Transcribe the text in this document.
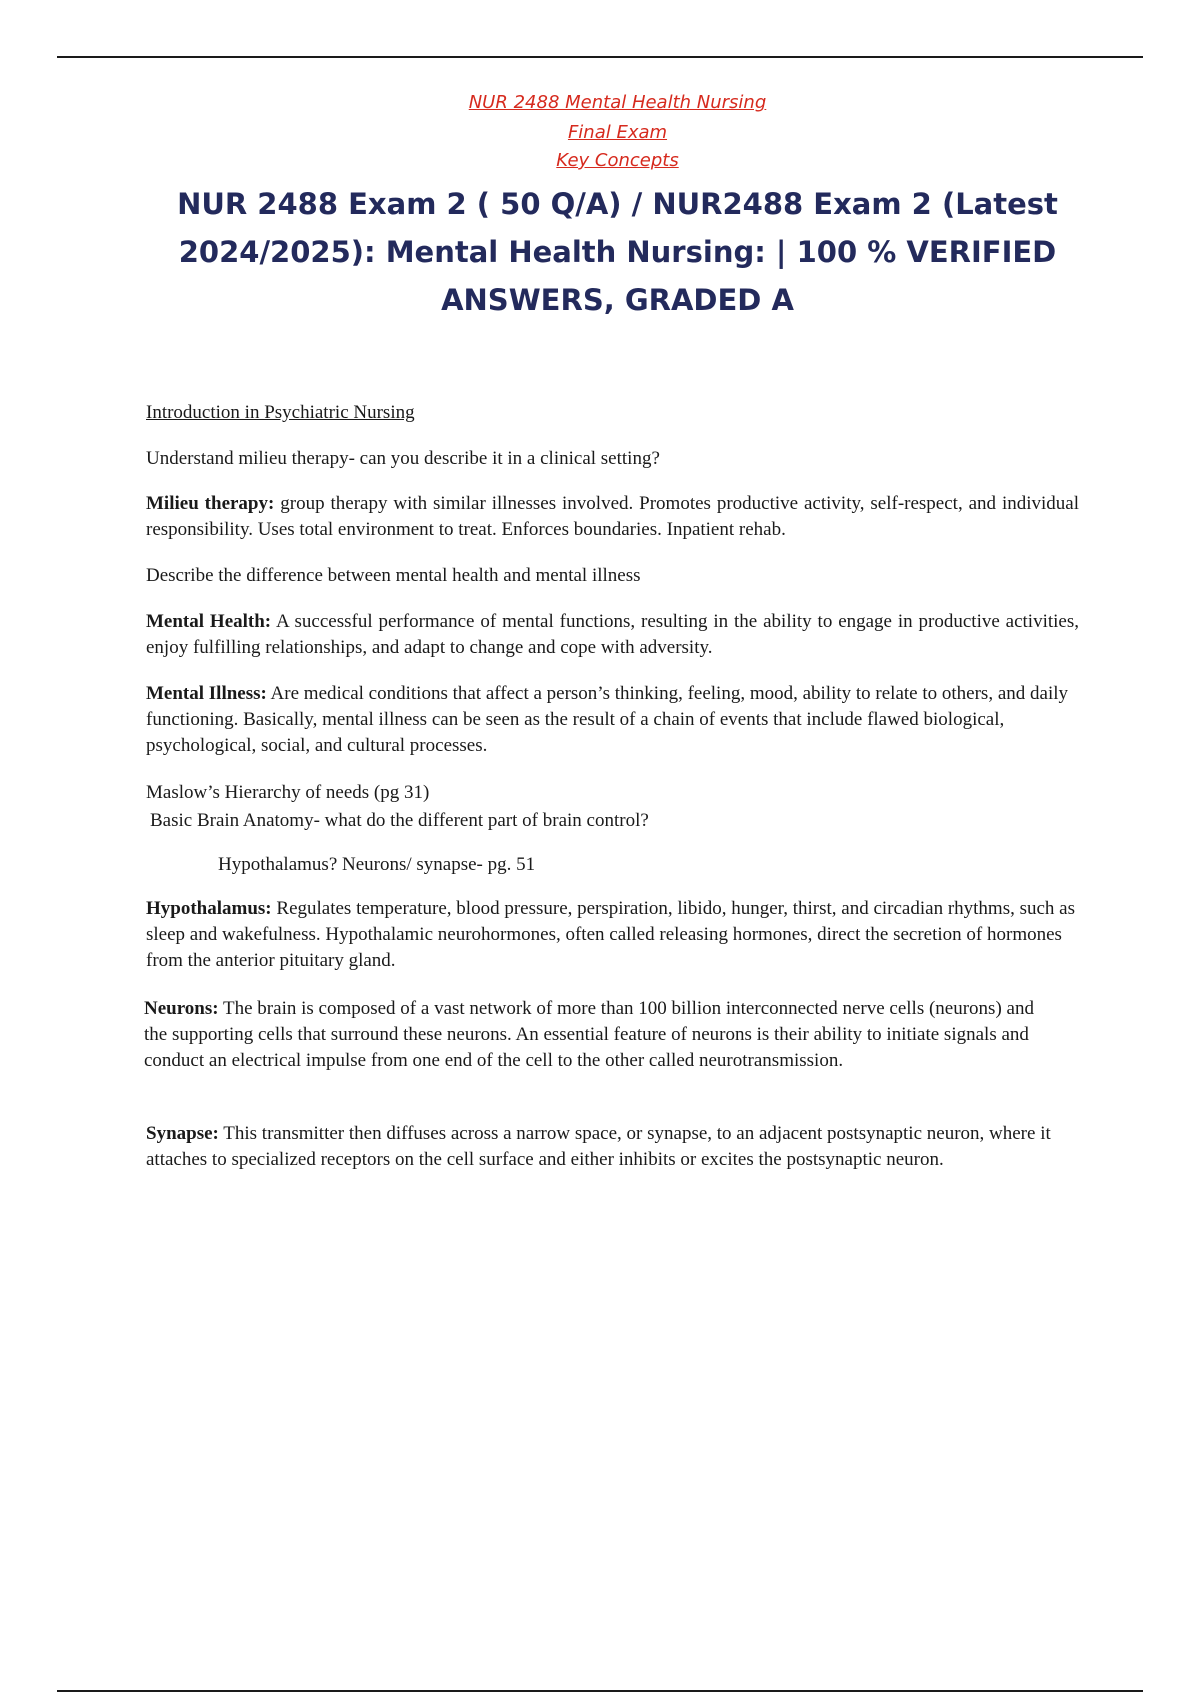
NUR 2488 Mental Health Nursing
Final Exam
Key Concepts
NUR 2488 Exam 2 ( 50 Q/A) / NUR2488 Exam 2 (Latest 2024/2025): Mental Health Nursing: | 100 % VERIFIED ANSWERS, GRADED A
Introduction in Psychiatric Nursing
Understand milieu therapy- can you describe it in a clinical setting?
Milieu therapy: group therapy with similar illnesses involved. Promotes productive activity, self-respect, and individual responsibility. Uses total environment to treat. Enforces boundaries. Inpatient rehab.
Describe the difference between mental health and mental illness
Mental Health: A successful performance of mental functions, resulting in the ability to engage in productive activities, enjoy fulfilling relationships, and adapt to change and cope with adversity.
Mental Illness: Are medical conditions that affect a person’s thinking, feeling, mood, ability to relate to others, and daily functioning. Basically, mental illness can be seen as the result of a chain of events that include flawed biological, psychological, social, and cultural processes.
Maslow’s Hierarchy of needs (pg 31)
Basic Brain Anatomy- what do the different part of brain control?
Hypothalamus? Neurons/ synapse- pg. 51
Hypothalamus: Regulates temperature, blood pressure, perspiration, libido, hunger, thirst, and circadian rhythms, such as sleep and wakefulness. Hypothalamic neurohormones, often called releasing hormones, direct the secretion of hormones from the anterior pituitary gland.
Neurons: The brain is composed of a vast network of more than 100 billion interconnected nerve cells (neurons) and the supporting cells that surround these neurons. An essential feature of neurons is their ability to initiate signals and conduct an electrical impulse from one end of the cell to the other called neurotransmission.
Synapse: This transmitter then diffuses across a narrow space, or synapse, to an adjacent postsynaptic neuron, where it attaches to specialized receptors on the cell surface and either inhibits or excites the postsynaptic neuron.
